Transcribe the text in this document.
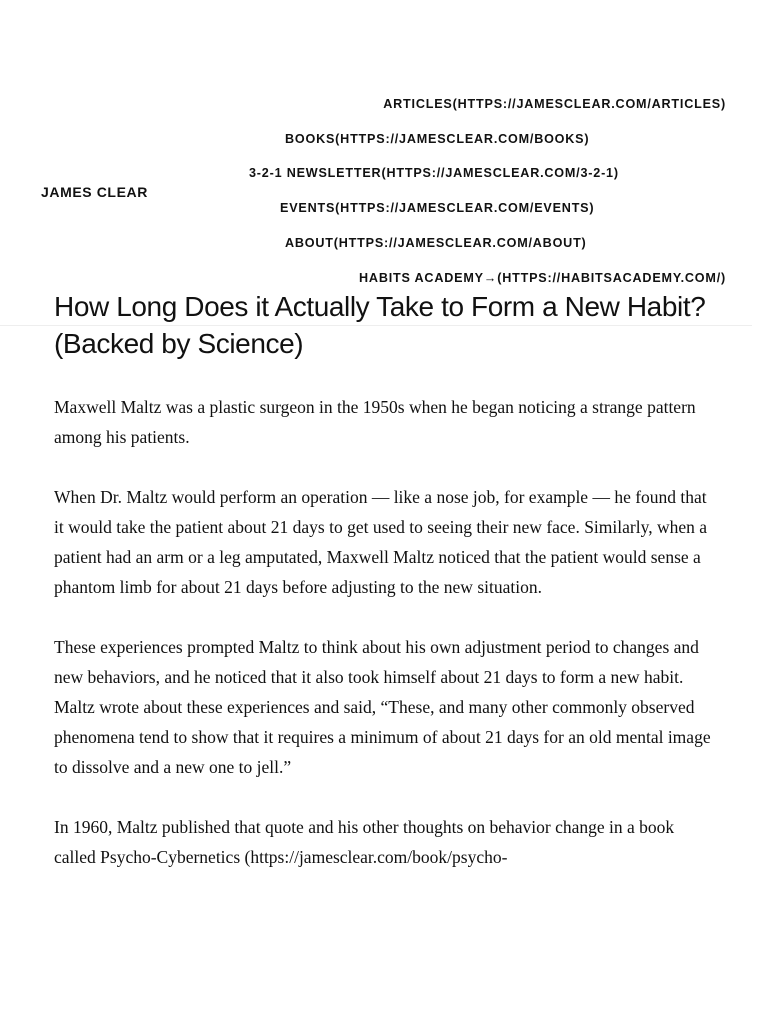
JAMES CLEAR
ARTICLES(HTTPS://JAMESCLEAR.COM/ARTICLES)
BOOKS(HTTPS://JAMESCLEAR.COM/BOOKS)
3-2-1 NEWSLETTER(HTTPS://JAMESCLEAR.COM/3-2-1)
EVENTS(HTTPS://JAMESCLEAR.COM/EVENTS)
ABOUT(HTTPS://JAMESCLEAR.COM/ABOUT)
HABITS ACADEMY→(HTTPS://HABITSACADEMY.COM/)
How Long Does it Actually Take to Form a New Habit? (Backed by Science)

Maxwell Maltz was a plastic surgeon in the 1950s when he began noticing a strange pattern among his patients.

When Dr. Maltz would perform an operation — like a nose job, for example — he found that it would take the patient about 21 days to get used to seeing their new face. Similarly, when a patient had an arm or a leg amputated, Maxwell Maltz noticed that the patient would sense a phantom limb for about 21 days before adjusting to the new situation.

These experiences prompted Maltz to think about his own adjustment period to changes and new behaviors, and he noticed that it also took himself about 21 days to form a new habit. Maltz wrote about these experiences and said, “These, and many other commonly observed phenomena tend to show that it requires a minimum of about 21 days for an old mental image to dissolve and a new one to jell.”

In 1960, Maltz published that quote and his other thoughts on behavior change in a book called Psycho-Cybernetics (https://jamesclear.com/book/psycho-
